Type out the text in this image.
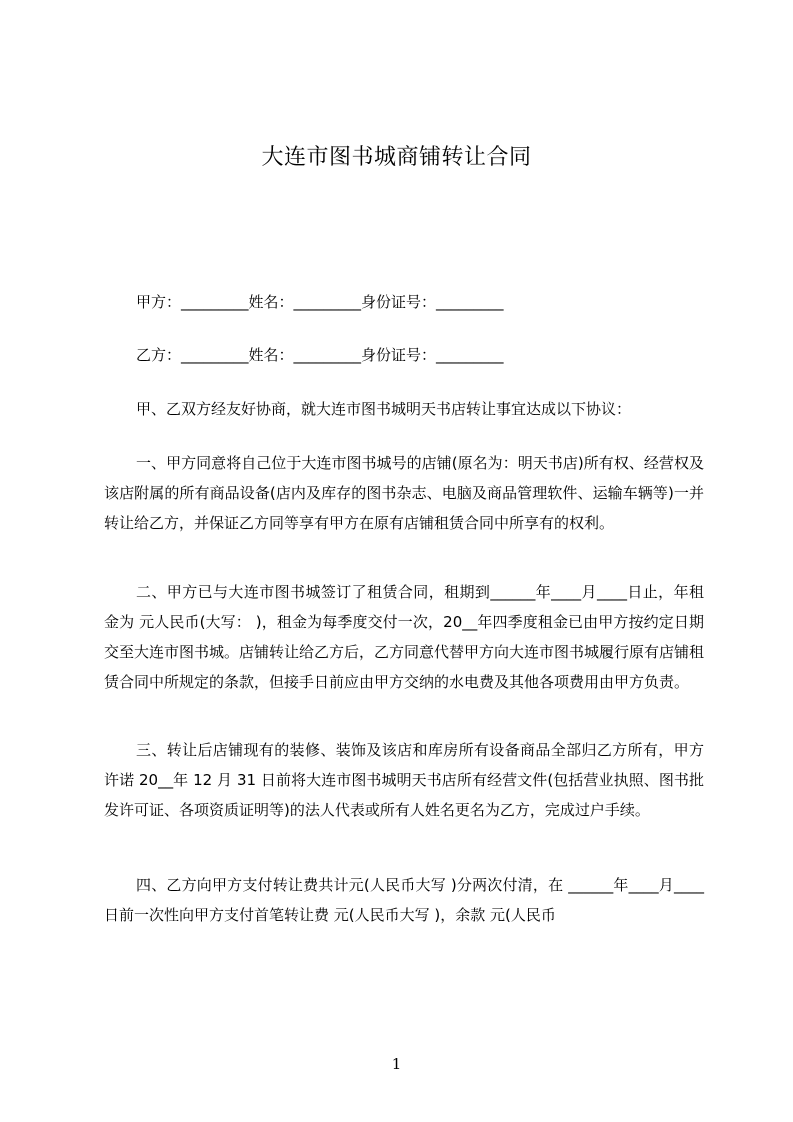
大连市图书城商铺转让合同
甲方：_________姓名：_________身份证号：_________
乙方：_________姓名：_________身份证号：_________
甲、乙双方经友好协商，就大连市图书城明天书店转让事宜达成以下协议：
一、甲方同意将自己位于大连市图书城号的店铺(原名为：明天书店)所有权、经营权及该店附属的所有商品设备(店内及库存的图书杂志、电脑及商品管理软件、运输车辆等)一并转让给乙方，并保证乙方同等享有甲方在原有店铺租赁合同中所享有的权利。
二、甲方已与大连市图书城签订了租赁合同，租期到______年____月____日止，年租金为 元人民币(大写： )，租金为每季度交付一次，20__年四季度租金已由甲方按约定日期交至大连市图书城。店铺转让给乙方后，乙方同意代替甲方向大连市图书城履行原有店铺租赁合同中所规定的条款，但接手日前应由甲方交纳的水电费及其他各项费用由甲方负责。
三、转让后店铺现有的装修、装饰及该店和库房所有设备商品全部归乙方所有，甲方许诺 20__年 12 月 31 日前将大连市图书城明天书店所有经营文件(包括营业执照、图书批发许可证、各项资质证明等)的法人代表或所有人姓名更名为乙方，完成过户手续。
四、乙方向甲方支付转让费共计元(人民币大写 )分两次付清，在 ______年____月____日前一次性向甲方支付首笔转让费 元(人民币大写 )，余款 元(人民币
1
